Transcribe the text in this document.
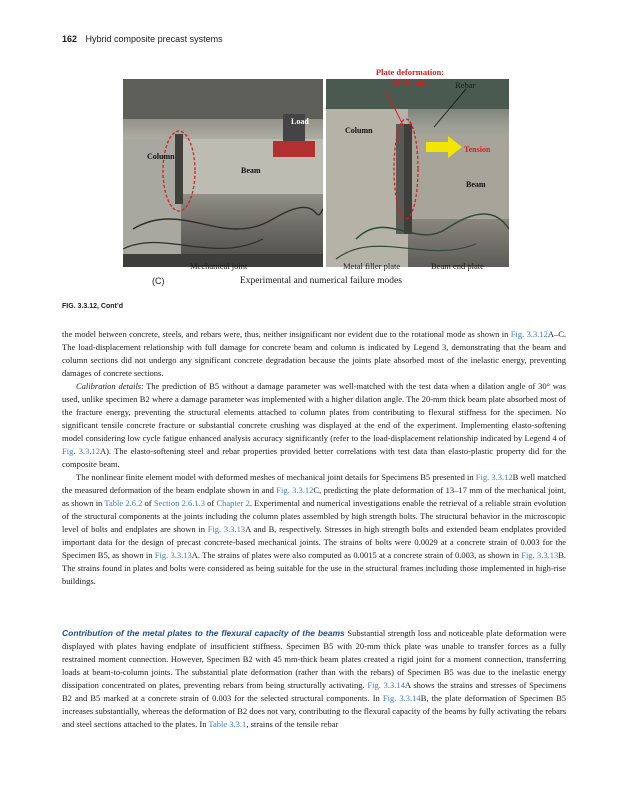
162 Hybrid composite precast systems
Load
Column
Beam
Column
Tension
Beam
Plate deformation:
13–17 mm	Rebar
Mechanical joint	Metal filler plate	Beam end plate
(C)	Experimental and numerical failure modes
FIG. 3.3.12, Cont’d

the model between concrete, steels, and rebars were, thus, neither insignificant nor evident due to the rotational mode as shown in Fig. 3.3.12A–C. The load-displacement relationship with full damage for concrete beam and column is indicated by Legend 3, demonstrating that the beam and column sections did not undergo any significant concrete degradation because the joints plate absorbed most of the inelastic energy, preventing damages of concrete sections.

Calibration details: The prediction of B5 without a damage parameter was well-matched with the test data when a dilation angle of 30° was used, unlike specimen B2 where a damage parameter was implemented with a higher dilation angle. The 20-mm thick beam plate absorbed most of the fracture energy, preventing the structural elements attached to column plates from contributing to flexural stiffness for the specimen. No significant tensile concrete fracture or substantial concrete crushing was displayed at the end of the experiment. Implementing elasto-softening model considering low cycle fatigue enhanced analysis accuracy significantly (refer to the load-displacement relationship indicated by Legend 4 of Fig. 3.3.12A). The elasto-softening steel and rebar properties provided better correlations with test data than elasto-plastic property did for the composite beam.

The nonlinear finite element model with deformed meshes of mechanical joint details for Specimens B5 presented in Fig. 3.3.12B well matched the measured deformation of the beam endplate shown in and Fig. 3.3.12C, predicting the plate deformation of 13–17 mm of the mechanical joint, as shown in Table 2.6.2 of Section 2.6.1.3 of Chapter 2. Experimental and numerical investigations enable the retrieval of a reliable strain evolution of the structural components at the joints including the column plates assembled by high strength bolts. The structural behavior in the microscopic level of bolts and endplates are shown in Fig. 3.3.13A and B, respectively. Stresses in high strength bolts and extended beam endplates provided important data for the design of precast concrete-based mechanical joints. The strains of bolts were 0.0029 at a concrete strain of 0.003 for the Specimen B5, as shown in Fig. 3.3.13A. The strains of plates were also computed as 0.0015 at a concrete strain of 0.003, as shown in Fig. 3.3.13B. The strains found in plates and bolts were considered as being suitable for the use in the structural frames including those implemented in high-rise buildings.

Contribution of the metal plates to the flexural capacity of the beams Substantial strength loss and noticeable plate deformation were displayed with plates having endplate of insufficient stiffness. Specimen B5 with 20-mm thick plate was unable to transfer forces as a fully restrained moment connection. However, Specimen B2 with 45 mm-thick beam plates created a rigid joint for a moment connection, transferring loads at beam-to-column joints. The substantial plate deformation (rather than with the rebars) of Specimen B5 was due to the inelastic energy dissipation concentrated on plates, preventing rebars from being structurally activating. Fig. 3.3.14A shows the strains and stresses of Specimens B2 and B5 marked at a concrete strain of 0.003 for the selected structural components. In Fig. 3.3.14B, the plate deformation of Specimen B5 increases substantially, whereas the deformation of B2 does not vary, contributing to the flexural capacity of the beams by fully activating the rebars and steel sections attached to the plates. In Table 3.3.1, strains of the tensile rebar
